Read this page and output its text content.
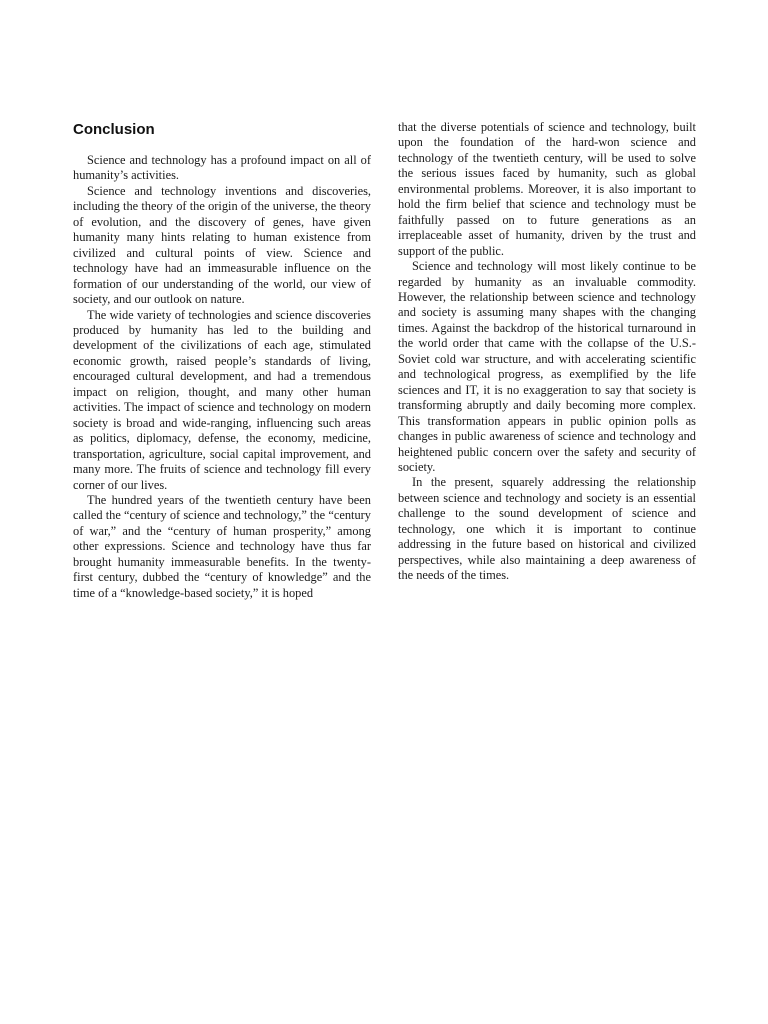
Conclusion

Science and technology has a profound impact on all of humanity’s activities.

Science and technology inventions and discoveries, including the theory of the origin of the universe, the theory of evolution, and the discovery of genes, have given humanity many hints relating to human existence from civilized and cultural points of view. Science and technology have had an immeasurable influence on the formation of our understanding of the world, our view of society, and our outlook on nature.

The wide variety of technologies and science discoveries produced by humanity has led to the building and development of the civilizations of each age, stimulated economic growth, raised people’s standards of living, encouraged cultural development, and had a tremendous impact on religion, thought, and many other human activities. The impact of science and technology on modern society is broad and wide-ranging, influencing such areas as politics, diplomacy, defense, the economy, medicine, transportation, agriculture, social capital improvement, and many more. The fruits of science and technology fill every corner of our lives.

The hundred years of the twentieth century have been called the “century of science and technology,” the “century of war,” and the “century of human prosperity,” among other expressions. Science and technology have thus far brought humanity immeasurable benefits. In the twenty-first century, dubbed the “century of knowledge” and the time of a “knowledge-based society,” it is hoped

that the diverse potentials of science and technology, built upon the foundation of the hard-won science and technology of the twentieth century, will be used to solve the serious issues faced by humanity, such as global environmental problems. Moreover, it is also important to hold the firm belief that science and technology must be faithfully passed on to future generations as an irreplaceable asset of humanity, driven by the trust and support of the public.

Science and technology will most likely continue to be regarded by humanity as an invaluable commodity. However, the relationship between science and technology and society is assuming many shapes with the changing times. Against the backdrop of the historical turnaround in the world order that came with the collapse of the U.S.-Soviet cold war structure, and with accelerating scientific and technological progress, as exemplified by the life sciences and IT, it is no exaggeration to say that society is transforming abruptly and daily becoming more complex. This transformation appears in public opinion polls as changes in public awareness of science and technology and heightened public concern over the safety and security of society.

In the present, squarely addressing the relationship between science and technology and society is an essential challenge to the sound development of science and technology, one which it is important to continue addressing in the future based on historical and civilized perspectives, while also maintaining a deep awareness of the needs of the times.
